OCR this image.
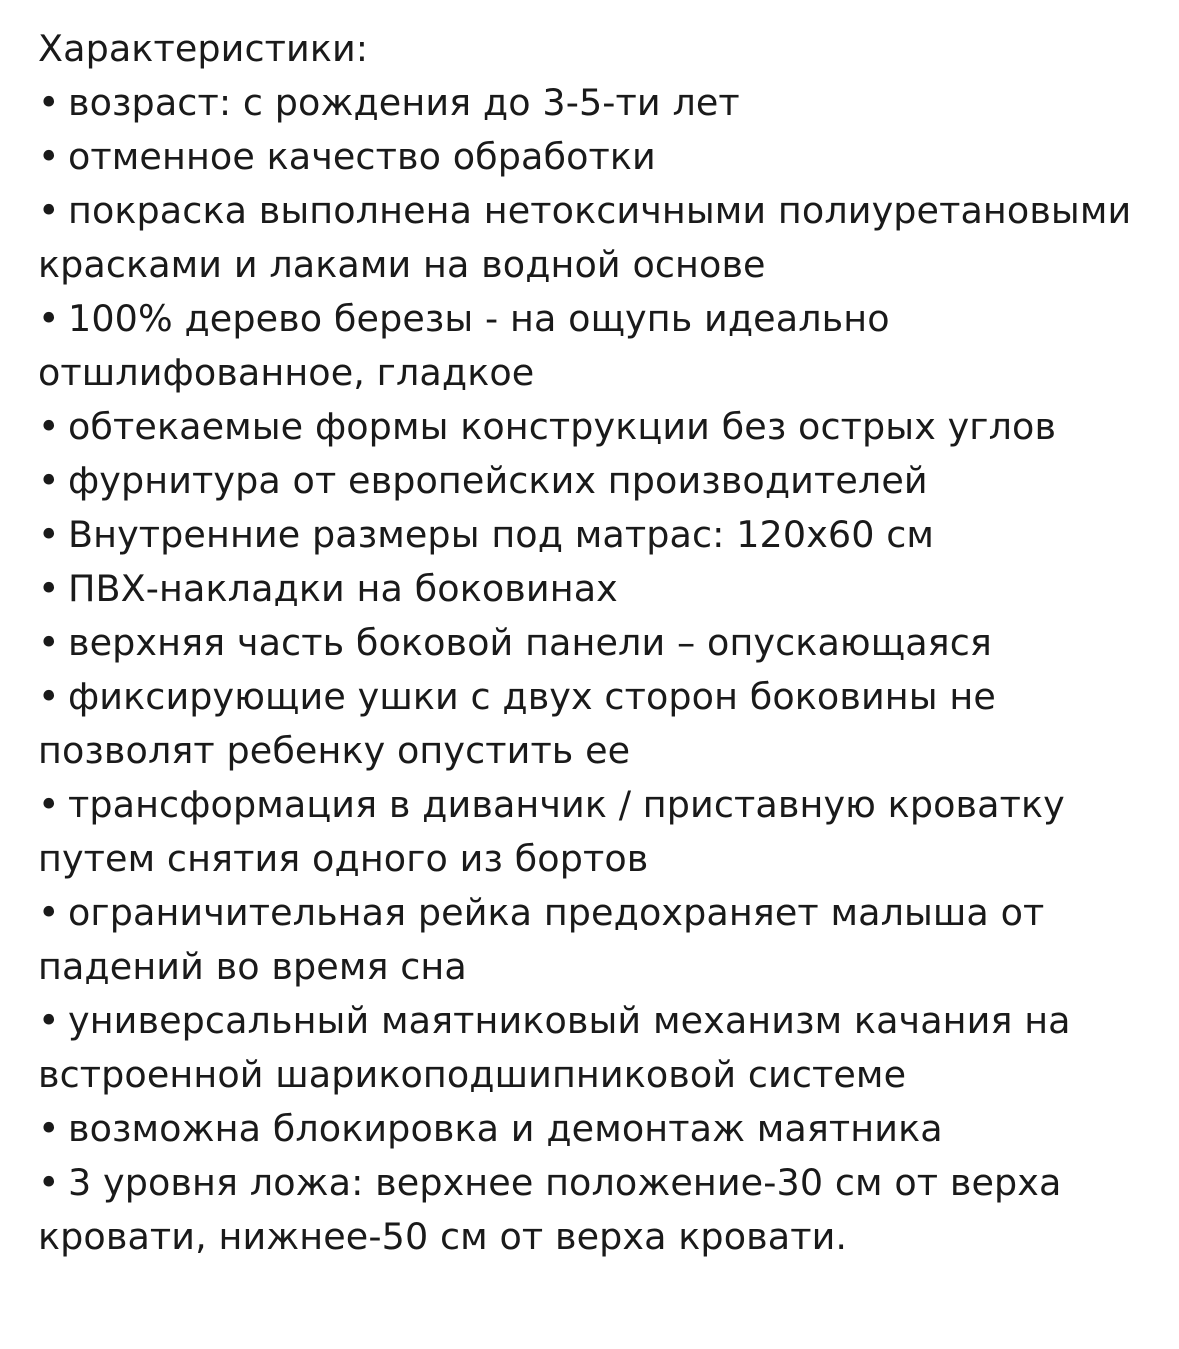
Характеристики:
• возраст: с рождения до 3-5-ти лет
• отменное качество обработки
• покраска выполнена нетоксичными полиуретановыми красками и лаками на водной основе
• 100% дерево березы - на ощупь идеально отшлифованное, гладкое
• обтекаемые формы конструкции без острых углов
• фурнитура от европейских производителей
• Внутренние размеры под матрас: 120х60 см
• ПВХ-накладки на боковинах
• верхняя часть боковой панели – опускающаяся
• фиксирующие ушки с двух сторон боковины не позволят ребенку опустить ее
• трансформация в диванчик / приставную кроватку путем снятия одного из бортов
• ограничительная рейка предохраняет малыша от падений во время сна
• универсальный маятниковый механизм качания на встроенной шарикоподшипниковой системе
• возможна блокировка и демонтаж маятника
• 3 уровня ложа: верхнее положение-30 см от верха кровати, нижнее-50 см от верха кровати.
